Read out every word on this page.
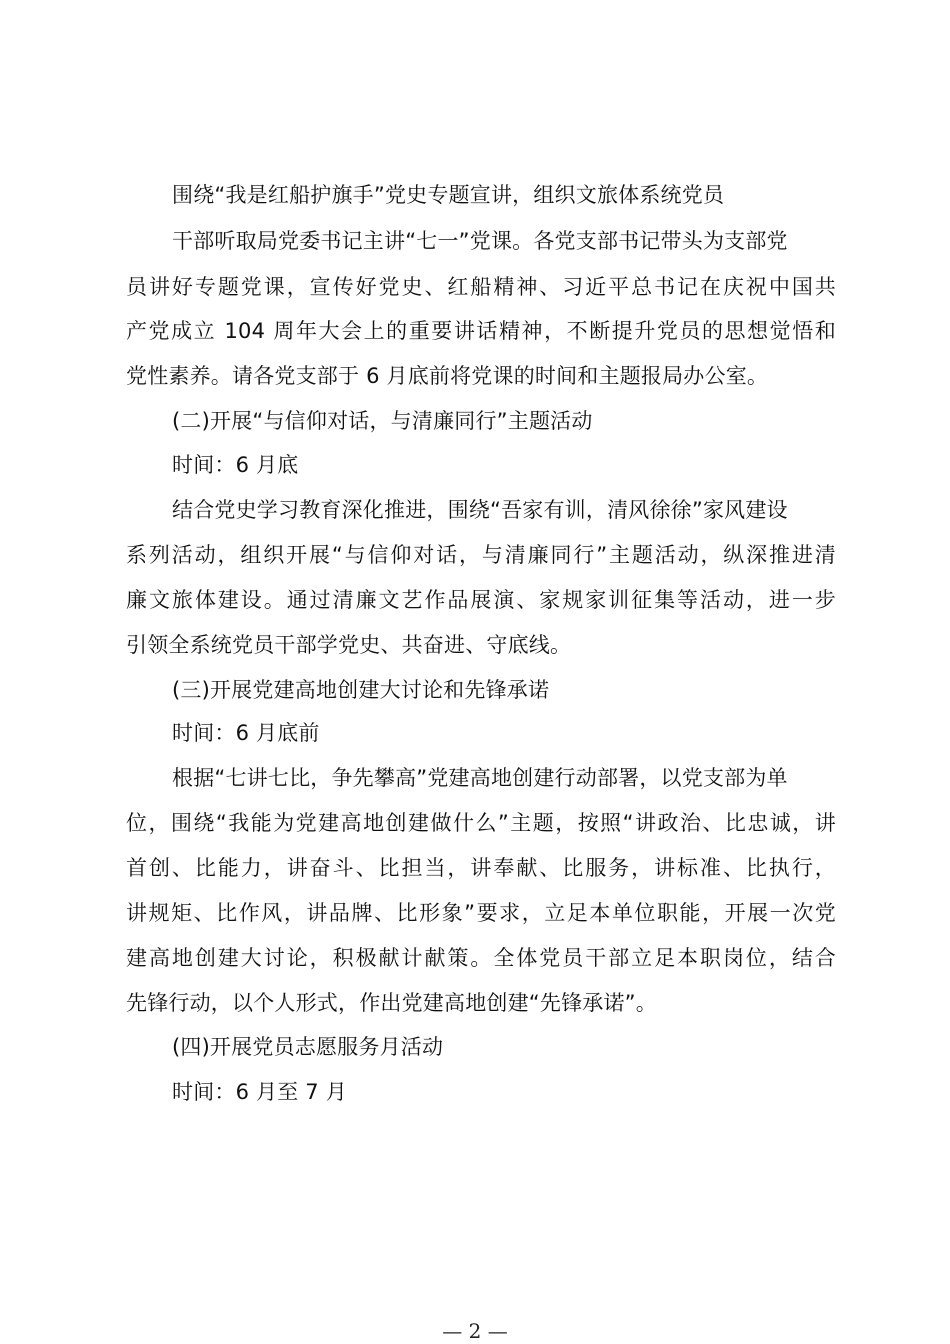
围绕“我是红船护旗手”党史专题宣讲，组织文旅体系统党员
干部听取局党委书记主讲“七一”党课。各党支部书记带头为支部党
员讲好专题党课，宣传好党史、红船精神、习近平总书记在庆祝中国共
产党成立 104 周年大会上的重要讲话精神，不断提升党员的思想觉悟和
党性素养。请各党支部于 6 月底前将党课的时间和主题报局办公室。
(二)开展“与信仰对话，与清廉同行”主题活动
时间：6 月底
结合党史学习教育深化推进，围绕“吾家有训，清风徐徐”家风建设
系列活动，组织开展“与信仰对话，与清廉同行”主题活动，纵深推进清
廉文旅体建设。通过清廉文艺作品展演、家规家训征集等活动，进一步
引领全系统党员干部学党史、共奋进、守底线。
(三)开展党建高地创建大讨论和先锋承诺
时间：6 月底前
根据“七讲七比，争先攀高”党建高地创建行动部署，以党支部为单
位，围绕“我能为党建高地创建做什么”主题，按照“讲政治、比忠诚，讲
首创、比能力，讲奋斗、比担当，讲奉献、比服务，讲标准、比执行，
讲规矩、比作风，讲品牌、比形象”要求，立足本单位职能，开展一次党
建高地创建大讨论，积极献计献策。全体党员干部立足本职岗位，结合
先锋行动，以个人形式，作出党建高地创建“先锋承诺”。
(四)开展党员志愿服务月活动
时间：6 月至 7 月
— 2 —
